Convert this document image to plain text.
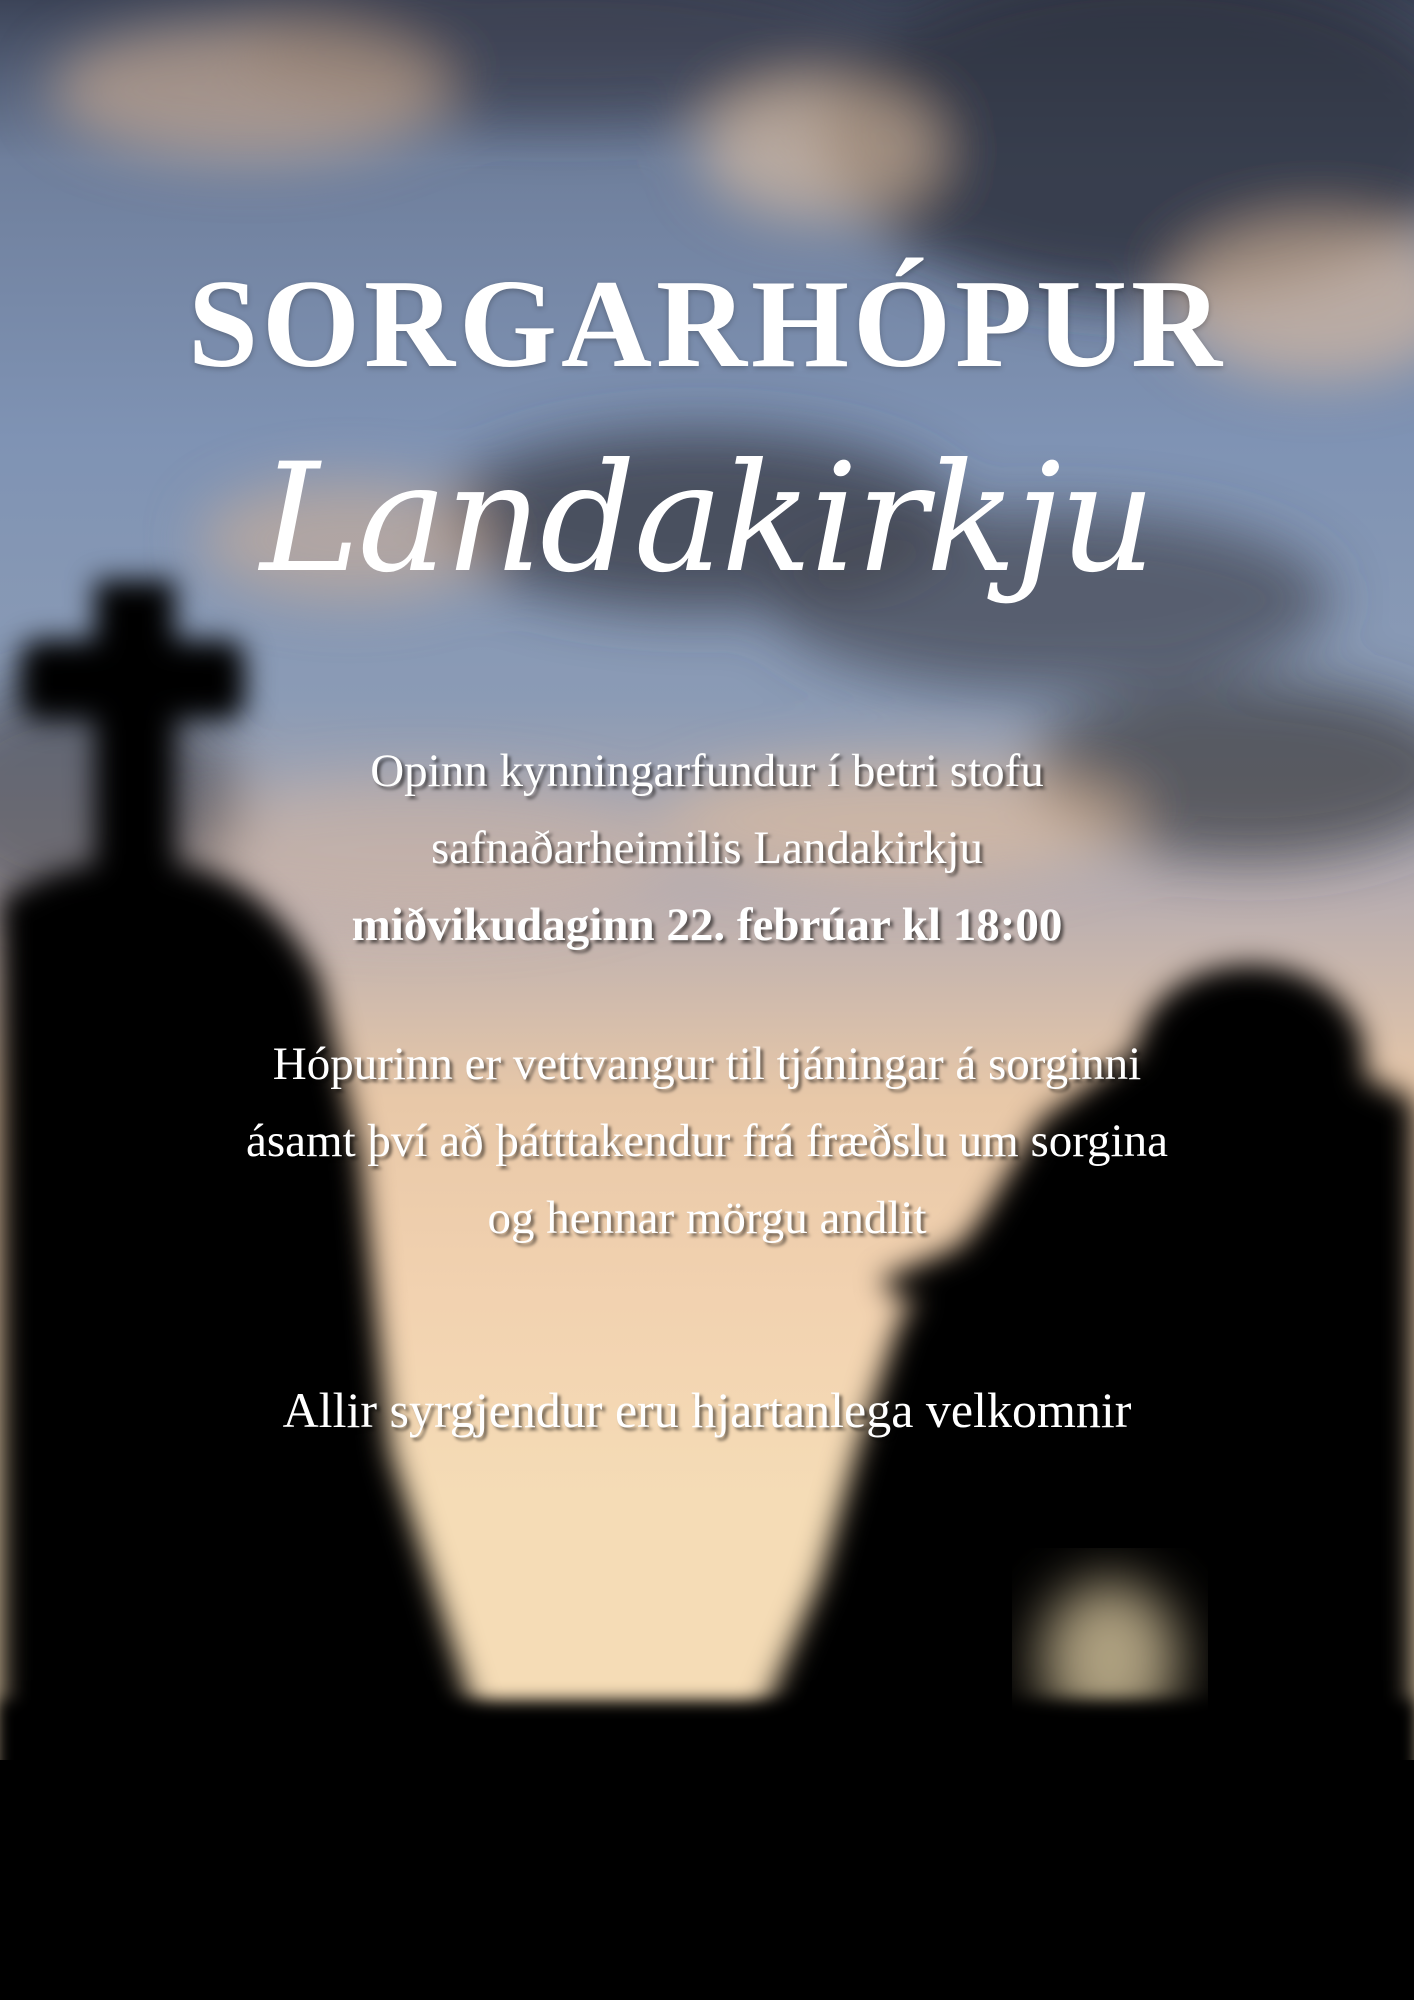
SORGARHÓPUR
Landakirkju
Opinn kynningarfundur í betri stofu
safnaðarheimilis Landakirkju
miðvikudaginn 22. febrúar kl 18:00
Hópurinn er vettvangur til tjáningar á sorginni
ásamt því að þátttakendur frá fræðslu um sorgina
og hennar mörgu andlit
Allir syrgjendur eru hjartanlega velkomnir
